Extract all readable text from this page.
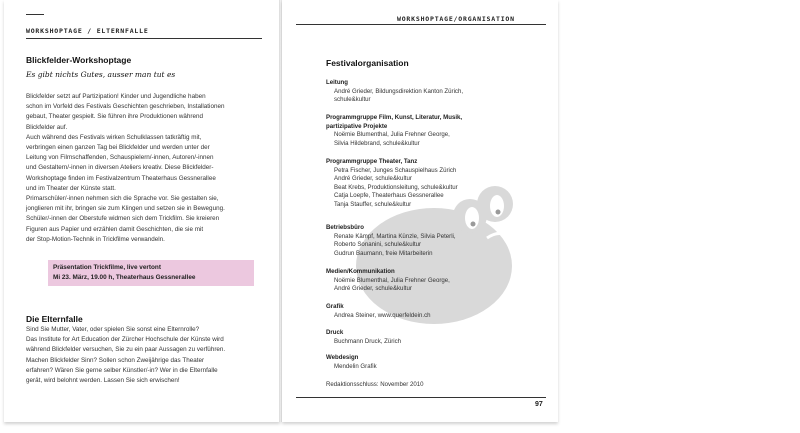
WORKSHOPTAGE / ELTERNFALLE
Blickfelder-Workshoptage
Es gibt nichts Gutes, ausser man tut es

Blickfelder setzt auf Partizipation! Kinder und Jugendliche haben

schon im Vorfeld des Festivals Geschichten geschrieben, Installationen

gebaut, Theater gespielt. Sie führen ihre Produktionen während

Blickfelder auf.

Auch während des Festivals wirken Schulklassen tatkräftig mit,

verbringen einen ganzen Tag bei Blickfelder und werden unter der

Leitung von Filmschaffenden, Schauspielern/-innen, Autoren/-innen

und Gestaltern/-innen in diversen Ateliers kreativ. Diese Blickfelder-

Workshoptage finden im Festivalzentrum Theaterhaus Gessnerallee

und im Theater der Künste statt.

Primarschüler/-innen nehmen sich die Sprache vor. Sie gestalten sie,

jonglieren mit ihr, bringen sie zum Klingen und setzen sie in Bewegung.

Schüler/-innen der Oberstufe widmen sich dem Trickfilm. Sie kreieren

Figuren aus Papier und erzählen damit Geschichten, die sie mit

der Stop-Motion-Technik in Trickfilme verwandeln.

Präsentation Trickfilme, live vertont
Mi 23. März, 19.00 h, Theaterhaus Gessnerallee
Die Elternfalle

Sind Sie Mutter, Vater, oder spielen Sie sonst eine Elternrolle?

Das Institute for Art Education der Zürcher Hochschule der Künste wird

während Blickfelder versuchen, Sie zu ein paar Aussagen zu verführen.

Machen Blickfelder Sinn? Sollen schon Zweijährige das Theater

erfahren? Wären Sie gerne selber Künstler/-in? Wer in die Elternfalle

gerät, wird belohnt werden. Lassen Sie sich erwischen!

WORKSHOPTAGE/ORGANISATION
Festivalorganisation
Leitung
André Grieder, Bildungsdirektion Kanton Zürich,
schule&kultur
Programmgruppe Film, Kunst, Literatur, Musik, partizipative Projekte
Noëmie Blumenthal, Julia Frehner George,
Silvia Hildebrand, schule&kultur
Programmgruppe Theater, Tanz
Petra Fischer, Junges Schauspielhaus Zürich
André Grieder, schule&kultur
Beat Krebs, Produktionsleitung, schule&kultur
Catja Loepfe, Theaterhaus Gessnerallee
Tanja Stauffer, schule&kultur
Betriebsbüro
Renate Kämpf, Martina Künzle, Silvia Peterli,
Roberto Sonanini, schule&kultur
Gudrun Baumann, freie Mitarbeiterin
Medien/Kommunikation
Noëmie Blumenthal, Julia Frehner George,
André Grieder, schule&kultur
Grafik
Andrea Steiner, www.querfeldein.ch
Druck
Buchmann Druck, Zürich
Webdesign
Mendelin Grafik
Redaktionsschluss: November 2010
97
